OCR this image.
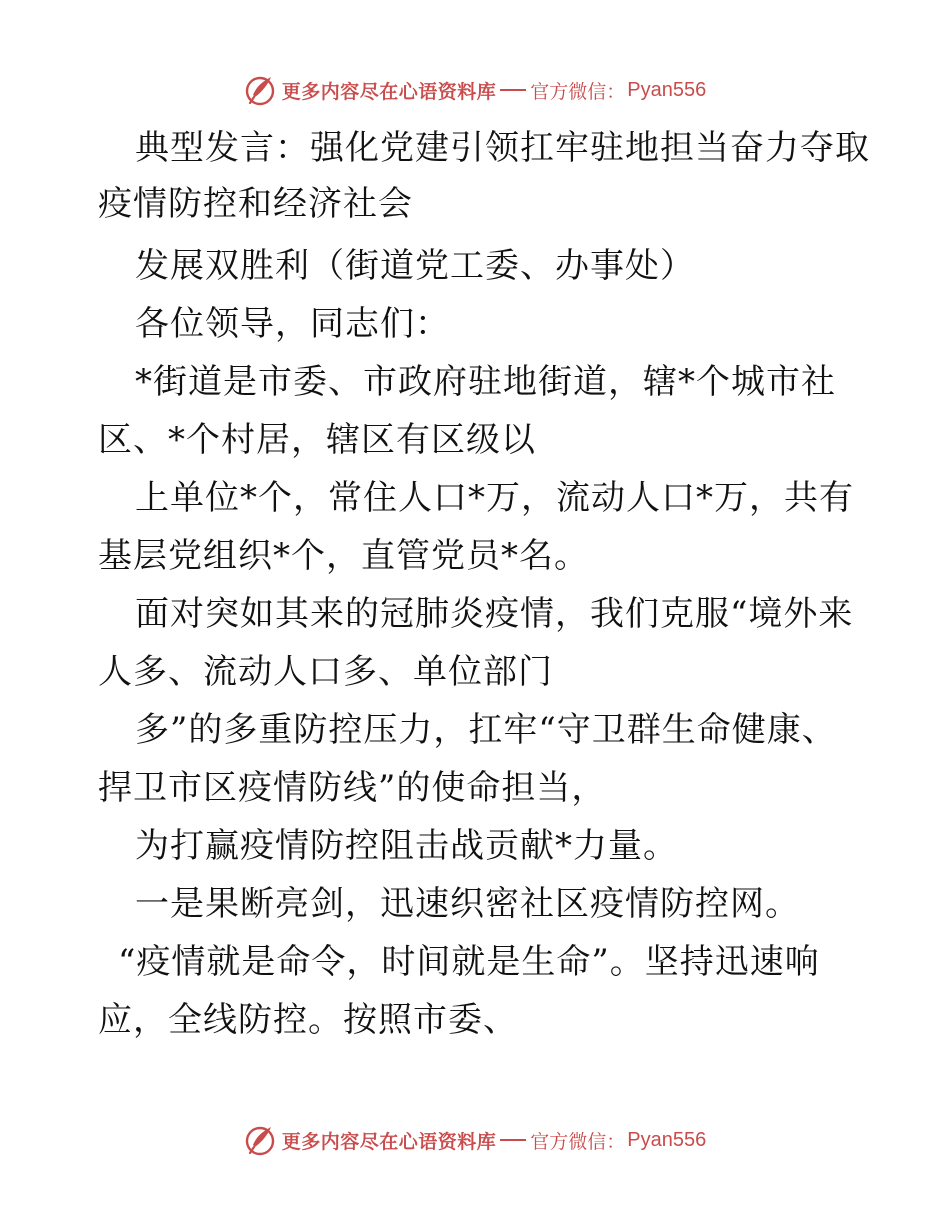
更多内容尽在心语资料库 官方微信： Pyan556
典型发言：强化党建引领扛牢驻地担当奋力夺取
疫情防控和经济社会
发展双胜利（街道党工委、办事处）
各位领导，同志们：
*街道是市委、市政府驻地街道，辖*个城市社
区、*个村居，辖区有区级以
上单位*个，常住人口*万，流动人口*万，共有
基层党组织*个，直管党员*名。
面对突如其来的冠肺炎疫情，我们克服“境外来
人多、流动人口多、单位部门
多”的多重防控压力，扛牢“守卫群生命健康、
捍卫市区疫情防线”的使命担当，
为打赢疫情防控阻击战贡献*力量。
一是果断亮剑，迅速织密社区疫情防控网。
“疫情就是命令，时间就是生命”。坚持迅速响
应，全线防控。按照市委、
更多内容尽在心语资料库 官方微信： Pyan556
